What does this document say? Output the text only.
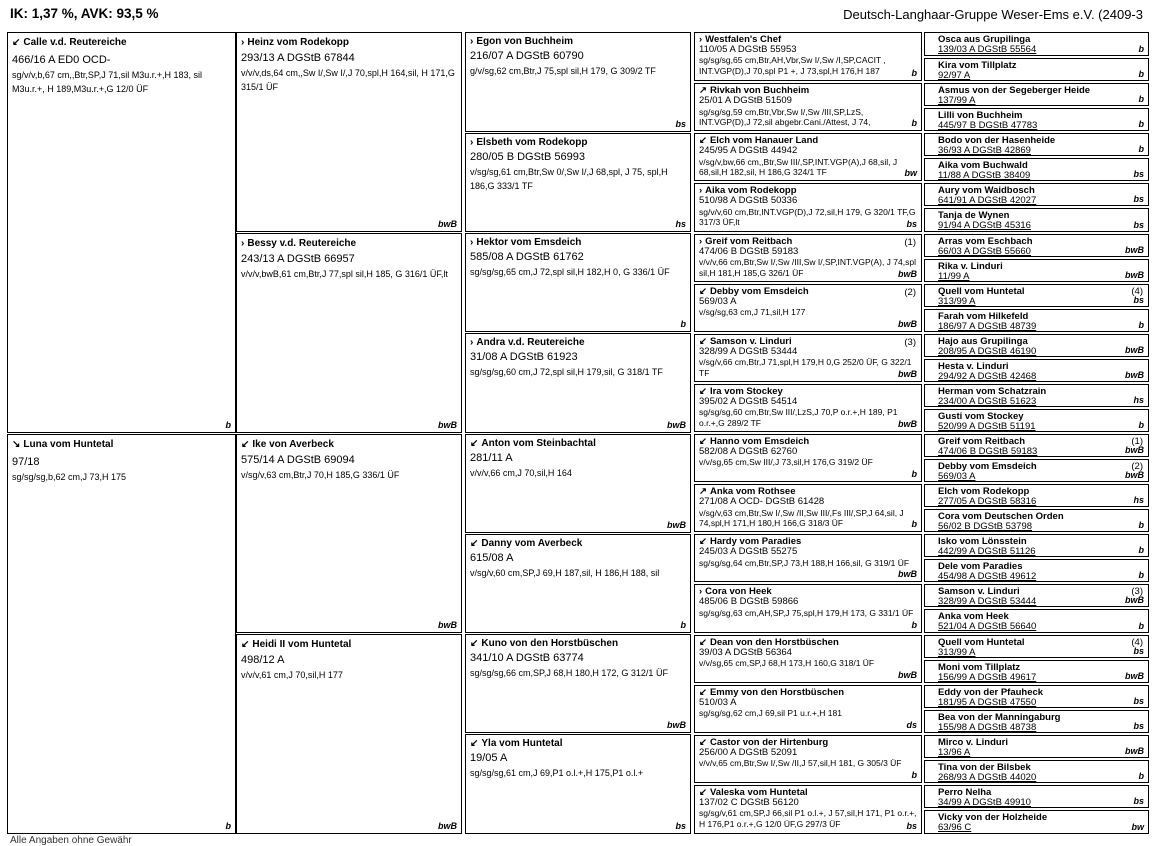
IK: 1,37 %, AVK: 93,5 %	Deutsch-Langhaar-Gruppe Weser-Ems e.V. (2409-3
↙ Calle v.d. Reutereiche
466/16 A ED0 OCD-
sg/v/v,b,67 cm,,Btr,SP,J 71,sil M3u.r.+,H 183, sil M3u.r.+, H 189,M3u.r.+,G 12/0 ÜF
b
↘ Luna vom Huntetal
97/18
sg/sg/sg,b,62 cm,J 73,H 175
b
› Heinz vom Rodekopp
293/13 A DGStB 67844
v/v/v,ds,64 cm,,Sw I/,Sw I/,J 70,spl,H 164,sil, H 171,G 315/1 ÜF
bwB
› Bessy v.d. Reutereiche
243/13 A DGStB 66957
v/v/v,bwB,61 cm,Btr,J 77,spl sil,H 185, G 316/1 ÜF,lt
bwB
↙ Ike von Averbeck
575/14 A DGStB 69094
v/sg/v,63 cm,Btr,J 70,H 185,G 336/1 ÜF
bwB
↙ Heidi II vom Huntetal
498/12 A
v/v/v,61 cm,J 70,sil,H 177
bwB
› Egon von Buchheim
216/07 A DGStB 60790
g/v/sg,62 cm,Btr,J 75,spl sil,H 179, G 309/2 TF
bs
› Elsbeth vom Rodekopp
280/05 B DGStB 56993
v/sg/sg,61 cm,Btr,Sw 0/,Sw I/,J 68,spl, J 75, spl,H 186,G 333/1 TF
hs
› Hektor vom Emsdeich
585/08 A DGStB 61762
sg/sg/sg,65 cm,J 72,spl sil,H 182,H 0, G 336/1 ÜF
b
› Andra v.d. Reutereiche
31/08 A DGStB 61923
sg/sg/sg,60 cm,J 72,spl sil,H 179,sil, G 318/1 TF
bwB
↙ Anton vom Steinbachtal
281/11 A
v/v/v,66 cm,J 70,sil,H 164
bwB
↙ Danny vom Averbeck
615/08 A
v/sg/v,60 cm,SP,J 69,H 187,sil, H 186,H 188, sil
b
↙ Kuno von den Horstbüschen
341/10 A DGStB 63774
sg/sg/sg,66 cm,SP,J 68,H 180,H 172, G 312/1 ÜF
bwB
↙ Yla vom Huntetal
19/05 A
sg/sg/sg,61 cm,J 69,P1 o.l.+,H 175,P1 o.l.+
bs
› Westfalen's Chef
110/05 A DGStB 55953
sg/sg/sg,65 cm,Btr,AH,Vbr,Sw I/,Sw /I,SP,CACIT , INT.VGP(D),J 70,spl P1 +, J 73,spl,H 176,H 187	b
↗ Rivkah von Buchheim
25/01 A DGStB 51509
sg/sg/sg,59 cm,Btr,Vbr,Sw I/,Sw /III,SP,LzS, INT.VGP(D),J 72,sil abgebr.Cani./Attest, J 74,	b
↙ Elch vom Hanauer Land
245/95 A DGStB 44942
v/sg/v,bw,66 cm,,Btr,Sw III/,SP,INT.VGP(A),J 68,sil, J 68,sil,H 182,sil, H 186,G 324/1 TF	bw
› Aika vom Rodekopp
510/98 A DGStB 50336
sg/v/v,60 cm,Btr,INT.VGP(D),J 72,sil,H 179, G 320/1 TF,G 317/3 ÜF,lt	bs
› Greif vom Reitbach
474/06 B DGStB 59183
v/v/v,66 cm,Btr,Sw I/,Sw /III,Sw I/,SP,INT.VGP(A), J 74,spl sil,H 181,H 185,G 326/1 ÜF
(1)
bwB
↙ Debby vom Emsdeich
569/03 A
v/sg/sg,63 cm,J 71,sil,H 177
(2)
bwB
↙ Samson v. Linduri
328/99 A DGStB 53444
v/sg/v,66 cm,Btr,J 71,spl,H 179,H 0,G 252/0 ÜF, G 322/1 TF
(3)
bwB
↙ Ira vom Stockey
395/02 A DGStB 54514
sg/sg/sg,60 cm,Btr,Sw III/,LzS,J 70,P o.r.+,H 189, P1 o.r.+,G 289/2 TF	bwB
↙ Hanno vom Emsdeich
582/08 A DGStB 62760
v/v/sg,65 cm,Sw III/,J 73,sil,H 176,G 319/2 ÜF
b
↗ Anka vom Rothsee
271/08 A OCD- DGStB 61428
v/sg/v,63 cm,Btr,Sw I/,Sw /II,Sw III/,Fs III/,SP,J 64,sil, J 74,spl,H 171,H 180,H 166,G 318/3 ÜF	b
↙ Hardy vom Paradies
245/03 A DGStB 55275
sg/sg/sg,64 cm,Btr,SP,J 73,H 188,H 166,sil, G 319/1 ÜF
bwB
› Cora von Heek
485/06 B DGStB 59866
sg/sg/sg,63 cm,AH,SP,J 75,spl,H 179,H 173, G 331/1 ÜF
b
↙ Dean von den Horstbüschen
39/03 A DGStB 56364
v/v/sg,65 cm,SP,J 68,H 173,H 160,G 318/1 ÜF
bwB
↙ Emmy von den Horstbüschen
510/03 A
sg/sg/sg,62 cm,J 69,sil P1 u.r.+,H 181
ds
↙ Castor von der Hirtenburg
256/00 A DGStB 52091
v/v/v,65 cm,Btr,Sw I/,Sw /II,J 57,sil,H 181, G 305/3 ÜF
b
↙ Valeska vom Huntetal
137/02 C DGStB 56120
sg/sg/v,61 cm,SP,J 66,sil P1 o.l.+, J 57,sil,H 171, P1 o.r.+, H 176,P1 o.r.+,G 12/0 ÜF,G 297/3 ÜF	bs
Osca aus Grupilinga
139/03 A DGStB 55564	b
Kira vom Tillplatz
92/97 A	b
Asmus von der Segeberger Heide
137/99 A	b
Lilli von Buchheim
445/97 B DGStB 47783	b
Bodo von der Hasenheide
36/93 A DGStB 42869	b
Aika vom Buchwald
11/88 A DGStB 38409	bs
Aury vom Waidbosch
641/91 A DGStB 42027	bs
Tanja de Wynen
91/94 A DGStB 45316	bs
Arras vom Eschbach
66/03 A DGStB 55660	bwB
Rika v. Linduri
11/99 A	bwB
Quell vom Huntetal
313/99 A
(4)
bs
Farah vom Hilkefeld
186/97 A DGStB 48739	b
Hajo aus Grupilinga
208/95 A DGStB 46190	bwB
Hesta v. Linduri
294/92 A DGStB 42468	bwB
Herman vom Schatzrain
234/00 A DGStB 51623	hs
Gusti vom Stockey
520/99 A DGStB 51191	b
Greif vom Reitbach
474/06 B DGStB 59183
(1)
bwB
Debby vom Emsdeich
569/03 A
(2)
bwB
Elch vom Rodekopp
277/05 A DGStB 58316	hs
Cora vom Deutschen Orden
56/02 B DGStB 53798	b
Isko vom Lönsstein
442/99 A DGStB 51126	b
Dele vom Paradies
454/98 A DGStB 49612	b
Samson v. Linduri
328/99 A DGStB 53444
(3)
bwB
Anka vom Heek
521/04 A DGStB 56640	b
Quell vom Huntetal
313/99 A
(4)
bs
Moni vom Tillplatz
156/99 A DGStB 49617	bwB
Eddy von der Pfauheck
181/95 A DGStB 47550	bs
Bea von der Manningaburg
155/98 A DGStB 48738	bs
Mirco v. Linduri
13/96 A	bwB
Tina von der Bilsbek
268/93 A DGStB 44020	b
Perro Nelha
34/99 A DGStB 49910	bs
Vicky von der Holzheide
63/96 C	bw
Alle Angaben ohne Gewähr
